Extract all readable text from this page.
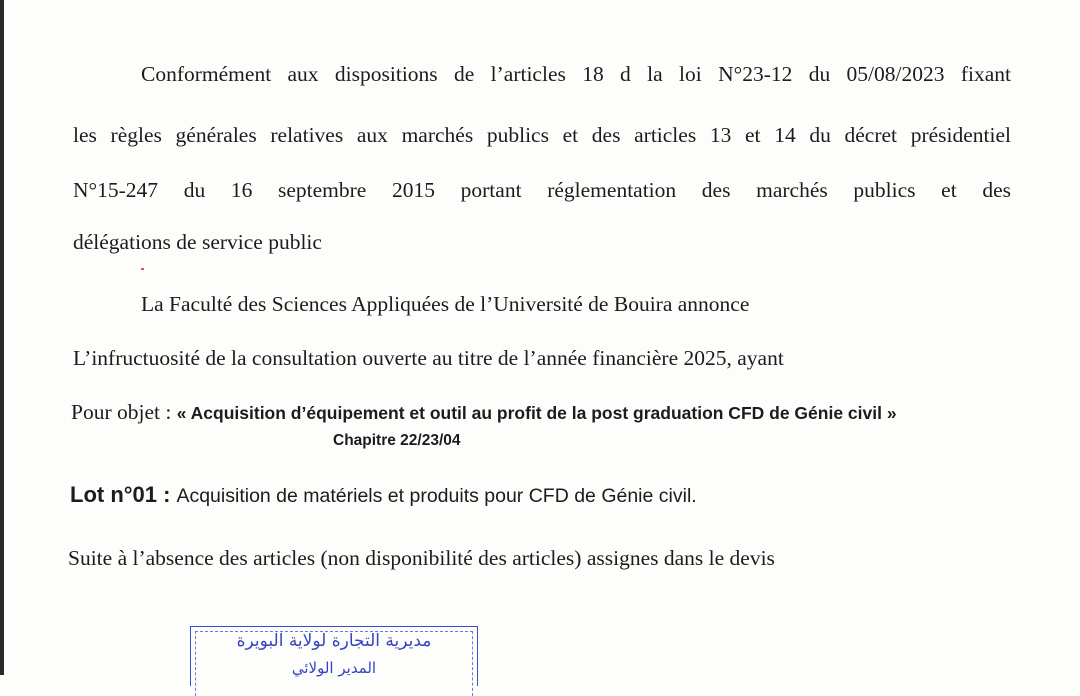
Conformément aux dispositions de l’articles 18 d la loi N°23-12 du 05/08/2023 fixant
les règles générales relatives aux marchés publics et des articles 13 et 14 du décret présidentiel
N°15-247 du 16 septembre 2015 portant réglementation des marchés publics et des
délégations de service public
La Faculté des Sciences Appliquées de l’Université de Bouira annonce
L’infructuosité de la consultation ouverte au titre de l’année financière 2025, ayant
Pour objet : « Acquisition d’équipement et outil au profit de la post graduation CFD de Génie civil »
Chapitre 22/23/04
Lot n°01 : Acquisition de matériels et produits pour CFD de Génie civil.
Suite à l’absence des articles (non disponibilité des articles) assignes dans le devis
مديرية التجارة لولاية البويرة
المدير الولائي
